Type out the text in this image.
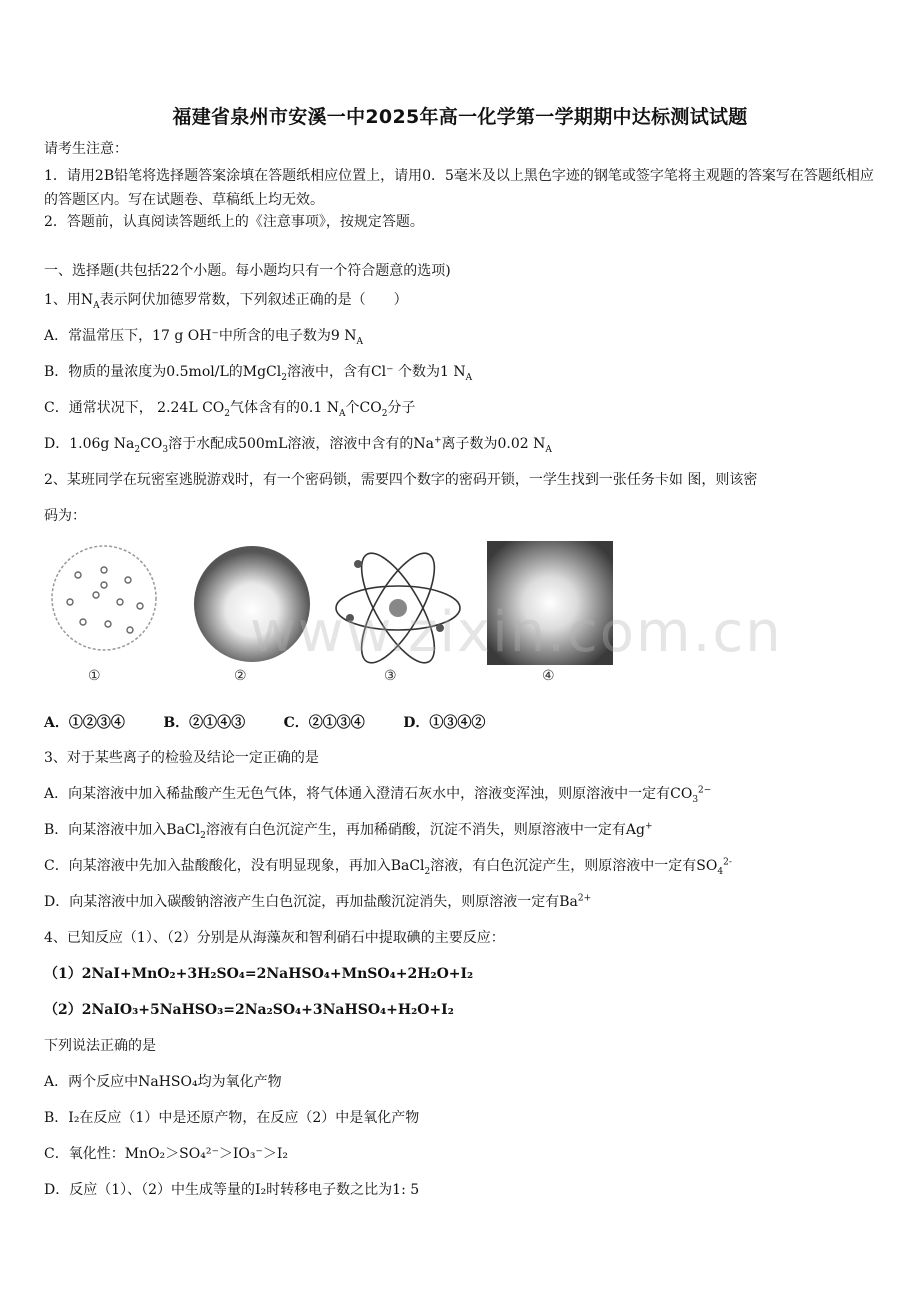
福建省泉州市安溪一中2025年高一化学第一学期期中达标测试试题
请考生注意：
1．请用2B铅笔将选择题答案涂填在答题纸相应位置上，请用0．5毫米及以上黑色字迹的钢笔或签字笔将主观题的答案写在答题纸相应的答题区内。写在试题卷、草稿纸上均无效。
2．答题前，认真阅读答题纸上的《注意事项》，按规定答题。
一、选择题(共包括22个小题。每小题均只有一个符合题意的选项)
1、用$N_A$表示阿伏加德罗常数，下列叙述正确的是（　　）
A．常温常压下，17 g OH⁻中所含的电子数为9 $N_A$
B．物质的量浓度为0.5mol/L的MgCl$_2$溶液中，含有Cl⁻ 个数为1 $N_A$
C．通常状况下， 2.24L $CO_2$气体含有的0.1 $N_A$个$CO_2$分子
D．1.06g $Na_2CO_3$溶于水配成500mL溶液，溶液中含有的Na+离子数为0.02 $N_A$
2、某班同学在玩密室逃脱游戏时，有一个密码锁，需要四个数字的密码开锁，一学生找到一张任务卡如 图，则该密
码为：
①	②	③	④
www.zixin.com.cn
A．①②③④	B．②①④③	C．②①③④	D．①③④②
3、对于某些离子的检验及结论一定正确的是
A．向某溶液中加入稀盐酸产生无色气体，将气体通入澄清石灰水中，溶液变浑浊，则原溶液中一定有$CO_3^{2-}$
B．向某溶液中加入BaCl$_2$溶液有白色沉淀产生，再加稀硝酸，沉淀不消失，则原溶液中一定有Ag+
C．向某溶液中先加入盐酸酸化，没有明显现象，再加入BaCl$_2$溶液，有白色沉淀产生，则原溶液中一定有$SO_4^{2-}$
D．向某溶液中加入碳酸钠溶液产生白色沉淀，再加盐酸沉淀消失，则原溶液一定有$Ba^{2+}$
4、已知反应（1）、（2）分别是从海藻灰和智利硝石中提取碘的主要反应：
（1）2NaI+MnO₂+3H₂SO₄=2NaHSO₄+MnSO₄+2H₂O+I₂
（2）2NaIO₃+5NaHSO₃=2Na₂SO₄+3NaHSO₄+H₂O+I₂
下列说法正确的是
A．两个反应中NaHSO₄均为氧化产物
B．I₂在反应（1）中是还原产物，在反应（2）中是氧化产物
C．氧化性：MnO₂＞SO₄²⁻＞IO₃⁻＞I₂
D．反应（1）、（2）中生成等量的I₂时转移电子数之比为1: 5
